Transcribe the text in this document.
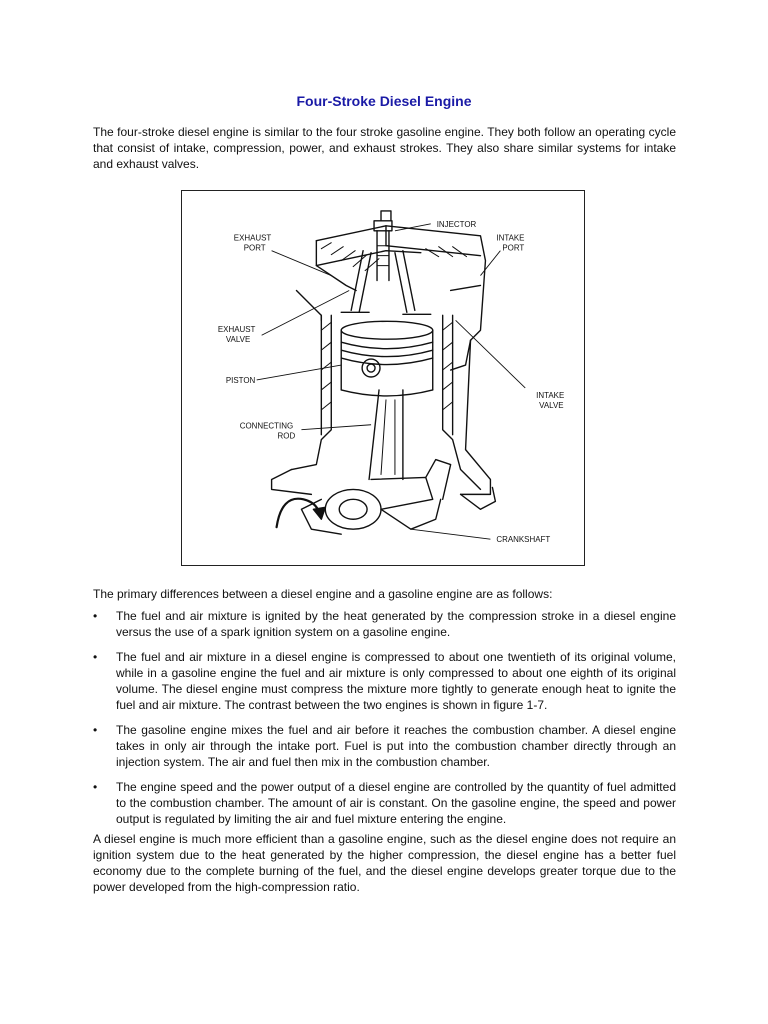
Four-Stroke Diesel Engine

The four-stroke diesel engine is similar to the four stroke gasoline engine. They both follow an operating cycle that consist of intake, compression, power, and exhaust strokes. They also share similar systems for intake and exhaust valves.

INJECTOR
EXHAUST
PORT
INTAKE
PORT
EXHAUST
VALVE
PISTON
INTAKE
VALVE
CONNECTING
ROD
CRANKSHAFT

The primary differences between a diesel engine and a gasoline engine are as follows:

• The fuel and air mixture is ignited by the heat generated by the compression stroke in a diesel engine versus the use of a spark ignition system on a gasoline engine.
• The fuel and air mixture in a diesel engine is compressed to about one twentieth of its original volume, while in a gasoline engine the fuel and air mixture is only compressed to about one eighth of its original volume. The diesel engine must compress the mixture more tightly to generate enough heat to ignite the fuel and air mixture. The contrast between the two engines is shown in figure 1-7.
• The gasoline engine mixes the fuel and air before it reaches the combustion chamber. A diesel engine takes in only air through the intake port. Fuel is put into the combustion chamber directly through an injection system. The air and fuel then mix in the combustion chamber.
• The engine speed and the power output of a diesel engine are controlled by the quantity of fuel admitted to the combustion chamber. The amount of air is constant. On the gasoline engine, the speed and power output is regulated by limiting the air and fuel mixture entering the engine.

A diesel engine is much more efficient than a gasoline engine, such as the diesel engine does not require an ignition system due to the heat generated by the higher compression, the diesel engine has a better fuel economy due to the complete burning of the fuel, and the diesel engine develops greater torque due to the power developed from the high-compression ratio.
